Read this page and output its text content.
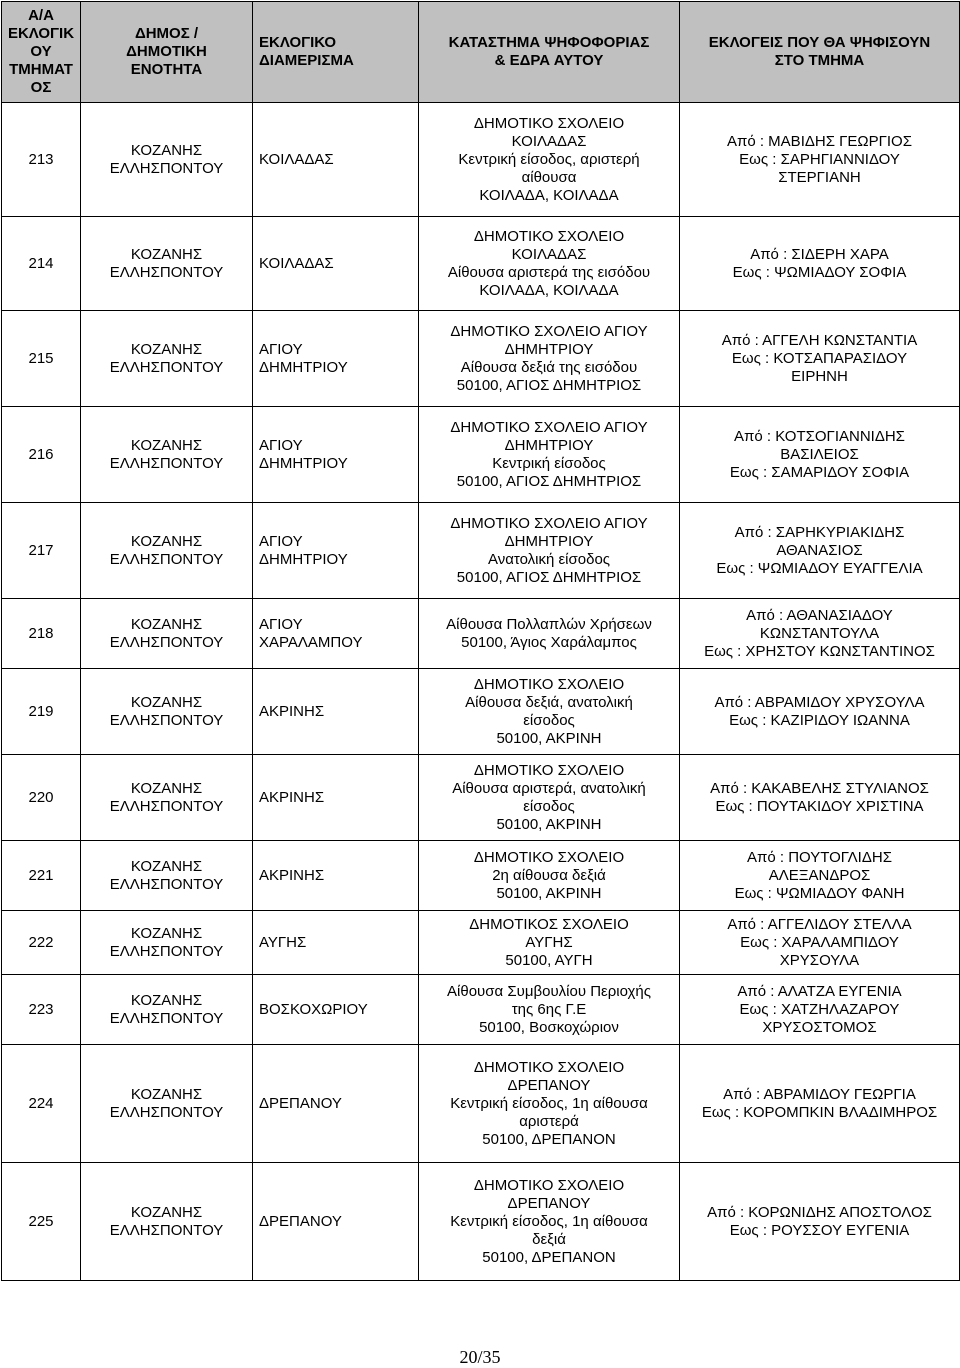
Α/Α
ΕΚΛΟΓΙΚ
ΟΥ
ΤΜΗΜΑΤ
ΟΣ	ΔΗΜΟΣ /
ΔΗΜΟΤΙΚΗ
ΕΝΟΤΗΤΑ	ΕΚΛΟΓΙΚΟ
ΔΙΑΜΕΡΙΣΜΑ	ΚΑΤΑΣΤΗΜΑ ΨΗΦΟΦΟΡΙΑΣ
& ΕΔΡΑ ΑΥΤΟΥ	ΕΚΛΟΓΕΙΣ ΠΟΥ ΘΑ ΨΗΦΙΣΟΥΝ
ΣΤΟ ΤΜΗΜΑ

213	ΚΟΖΑΝΗΣ
ΕΛΛΗΣΠΟΝΤΟΥ	ΚΟΙΛΑΔΑΣ	ΔΗΜΟΤΙΚΟ ΣΧΟΛΕΙΟ
ΚΟΙΛΑΔΑΣ
Κεντρική είσοδος, αριστερή
αίθουσα
ΚΟΙΛΑΔΑ, ΚΟΙΛΑΔΑ	Από : ΜΑΒΙΔΗΣ ΓΕΩΡΓΙΟΣ
Εως : ΣΑΡΗΓΙΑΝΝΙΔΟΥ
ΣΤΕΡΓΙΑΝΗ

214	ΚΟΖΑΝΗΣ
ΕΛΛΗΣΠΟΝΤΟΥ	ΚΟΙΛΑΔΑΣ	ΔΗΜΟΤΙΚΟ ΣΧΟΛΕΙΟ
ΚΟΙΛΑΔΑΣ
Αίθουσα αριστερά της εισόδου
ΚΟΙΛΑΔΑ, ΚΟΙΛΑΔΑ	Από : ΣΙΔΕΡΗ ΧΑΡΑ
Εως : ΨΩΜΙΑΔΟΥ ΣΟΦΙΑ

215	ΚΟΖΑΝΗΣ
ΕΛΛΗΣΠΟΝΤΟΥ	ΑΓΙΟΥ
ΔΗΜΗΤΡΙΟΥ	ΔΗΜΟΤΙΚΟ ΣΧΟΛΕΙΟ ΑΓΙΟΥ
ΔΗΜΗΤΡΙΟΥ
Αίθουσα δεξιά της εισόδου
50100, ΑΓΙΟΣ ΔΗΜΗΤΡΙΟΣ	Από : ΑΓΓΕΛΗ ΚΩΝΣΤΑΝΤΙΑ
Εως : ΚΟΤΣΑΠΑΡΑΣΙΔΟΥ
ΕΙΡΗΝΗ

216	ΚΟΖΑΝΗΣ
ΕΛΛΗΣΠΟΝΤΟΥ	ΑΓΙΟΥ
ΔΗΜΗΤΡΙΟΥ	ΔΗΜΟΤΙΚΟ ΣΧΟΛΕΙΟ ΑΓΙΟΥ
ΔΗΜΗΤΡΙΟΥ
Κεντρική είσοδος
50100, ΑΓΙΟΣ ΔΗΜΗΤΡΙΟΣ	Από : ΚΟΤΣΟΓΙΑΝΝΙΔΗΣ
ΒΑΣΙΛΕΙΟΣ
Εως : ΣΑΜΑΡΙΔΟΥ ΣΟΦΙΑ

217	ΚΟΖΑΝΗΣ
ΕΛΛΗΣΠΟΝΤΟΥ	ΑΓΙΟΥ
ΔΗΜΗΤΡΙΟΥ	ΔΗΜΟΤΙΚΟ ΣΧΟΛΕΙΟ ΑΓΙΟΥ
ΔΗΜΗΤΡΙΟΥ
Ανατολική είσοδος
50100, ΑΓΙΟΣ ΔΗΜΗΤΡΙΟΣ	Από : ΣΑΡΗΚΥΡΙΑΚΙΔΗΣ
ΑΘΑΝΑΣΙΟΣ
Εως : ΨΩΜΙΑΔΟΥ ΕΥΑΓΓΕΛΙΑ

218	ΚΟΖΑΝΗΣ
ΕΛΛΗΣΠΟΝΤΟΥ	ΑΓΙΟΥ
ΧΑΡΑΛΑΜΠΟΥ	Αίθουσα Πολλαπλών Χρήσεων
50100, Άγιος Χαράλαμπος	Από : ΑΘΑΝΑΣΙΑΔΟΥ
ΚΩΝΣΤΑΝΤΟΥΛΑ
Εως : ΧΡΗΣΤΟΥ ΚΩΝΣΤΑΝΤΙΝΟΣ

219	ΚΟΖΑΝΗΣ
ΕΛΛΗΣΠΟΝΤΟΥ	ΑΚΡΙΝΗΣ	ΔΗΜΟΤΙΚΟ ΣΧΟΛΕΙΟ
Αίθουσα δεξιά, ανατολική
είσοδος
50100, ΑΚΡΙΝΗ	Από : ΑΒΡΑΜΙΔΟΥ ΧΡΥΣΟΥΛΑ
Εως : ΚΑΖΙΡΙΔΟΥ ΙΩΑΝΝΑ

220	ΚΟΖΑΝΗΣ
ΕΛΛΗΣΠΟΝΤΟΥ	ΑΚΡΙΝΗΣ	ΔΗΜΟΤΙΚΟ ΣΧΟΛΕΙΟ
Αίθουσα αριστερά, ανατολική
είσοδος
50100, ΑΚΡΙΝΗ	Από : ΚΑΚΑΒΕΛΗΣ ΣΤΥΛΙΑΝΟΣ
Εως : ΠΟΥΤΑΚΙΔΟΥ ΧΡΙΣΤΙΝΑ

221	ΚΟΖΑΝΗΣ
ΕΛΛΗΣΠΟΝΤΟΥ	ΑΚΡΙΝΗΣ	ΔΗΜΟΤΙΚΟ ΣΧΟΛΕΙΟ
2η αίθουσα δεξιά
50100, ΑΚΡΙΝΗ	Από : ΠΟΥΤΟΓΛΙΔΗΣ
ΑΛΕΞΑΝΔΡΟΣ
Εως : ΨΩΜΙΑΔΟΥ ΦΑΝΗ

222	ΚΟΖΑΝΗΣ
ΕΛΛΗΣΠΟΝΤΟΥ	ΑΥΓΗΣ	ΔΗΜΟΤΙΚΟΣ ΣΧΟΛΕΙΟ
ΑΥΓΗΣ
50100, ΑΥΓΗ	Από : ΑΓΓΕΛΙΔΟΥ ΣΤΕΛΛΑ
Εως : ΧΑΡΑΛΑΜΠΙΔΟΥ
ΧΡΥΣΟΥΛΑ

223	ΚΟΖΑΝΗΣ
ΕΛΛΗΣΠΟΝΤΟΥ	ΒΟΣΚΟΧΩΡΙΟΥ	Αίθουσα Συμβουλίου Περιοχής
της 6ης Γ.Ε
50100, Βοσκοχώριον	Από : ΑΛΑΤΖΑ ΕΥΓΕΝΙΑ
Εως : ΧΑΤΖΗΛΑΖΑΡΟΥ
ΧΡΥΣΟΣΤΟΜΟΣ

224	ΚΟΖΑΝΗΣ
ΕΛΛΗΣΠΟΝΤΟΥ	ΔΡΕΠΑΝΟΥ	ΔΗΜΟΤΙΚΟ ΣΧΟΛΕΙΟ
ΔΡΕΠΑΝΟΥ
Κεντρική είσοδος, 1η αίθουσα
αριστερά
50100, ΔΡΕΠΑΝΟΝ	Από : ΑΒΡΑΜΙΔΟΥ ΓΕΩΡΓΙΑ
Εως : ΚΟΡΟΜΠΚΙΝ ΒΛΑΔΙΜΗΡΟΣ

225	ΚΟΖΑΝΗΣ
ΕΛΛΗΣΠΟΝΤΟΥ	ΔΡΕΠΑΝΟΥ	ΔΗΜΟΤΙΚΟ ΣΧΟΛΕΙΟ
ΔΡΕΠΑΝΟΥ
Κεντρική είσοδος, 1η αίθουσα
δεξιά
50100, ΔΡΕΠΑΝΟΝ	Από : ΚΟΡΩΝΙΔΗΣ ΑΠΟΣΤΟΛΟΣ
Εως : ΡΟΥΣΣΟΥ ΕΥΓΕΝΙΑ
20/35
